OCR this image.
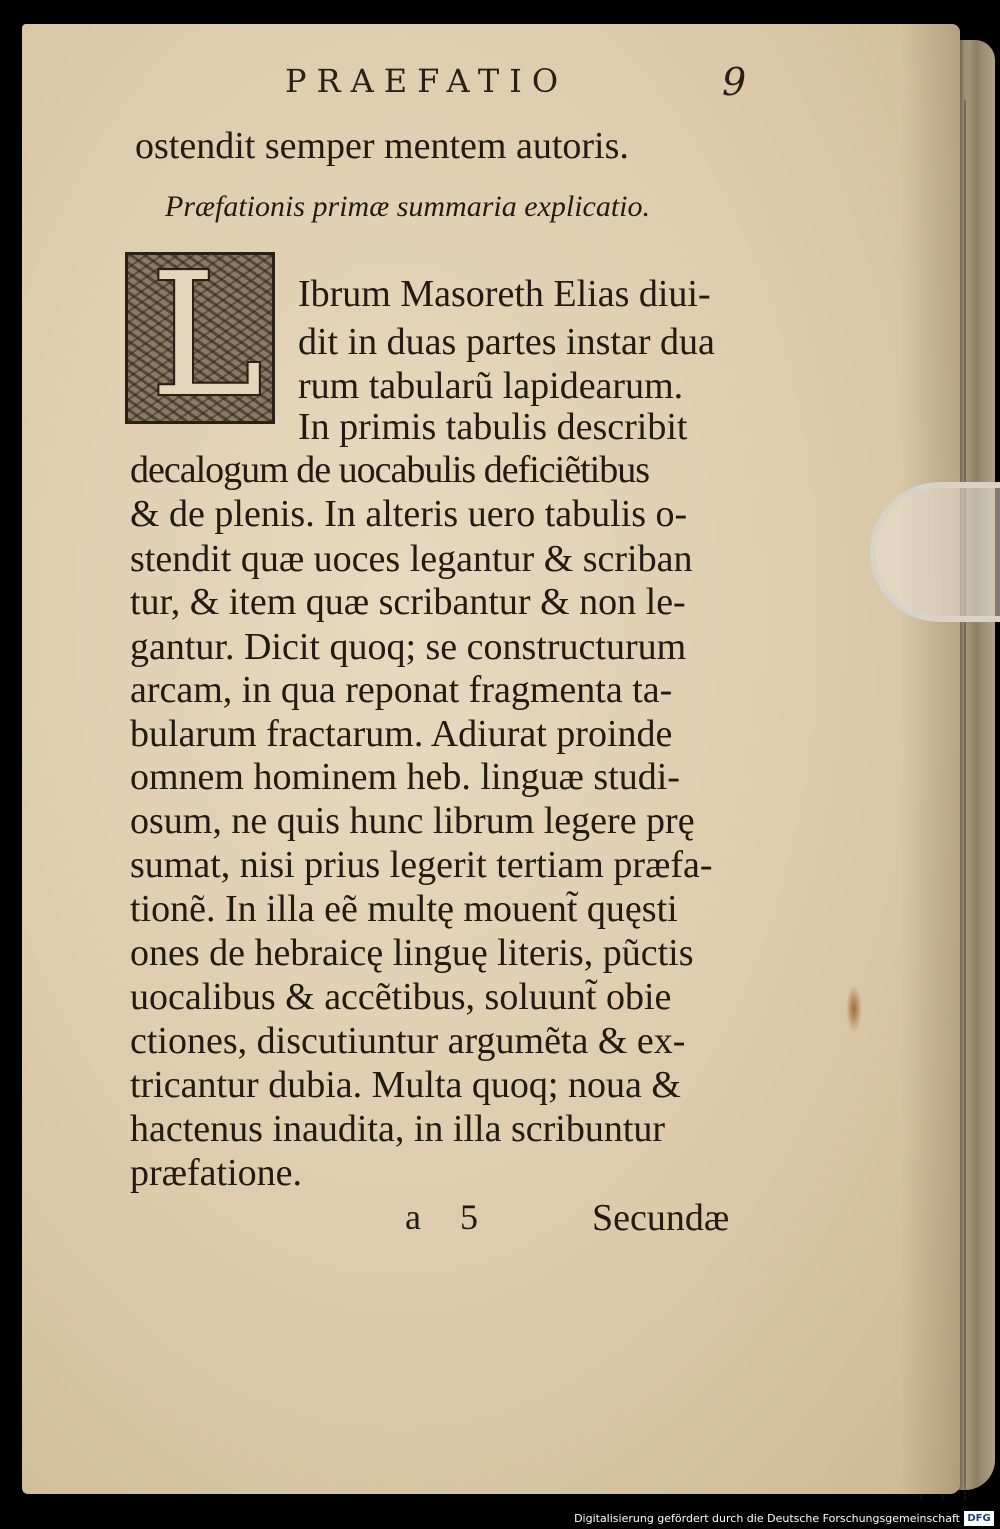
PRAEFATIO	9
ostendit semper mentem autoris.
Præfationis primæ summaria explicatio.
L Ibrum Masoreth Elias diui-
dit in duas partes instar dua
rum tabularũ lapidearum.
In primis tabulis describit
decalogum de uocabulis deficiẽtibus
& de plenis. In alteris uero tabulis o-
stendit quæ uoces legantur & scriban
tur, & item quæ scribantur & non le-
gantur. Dicit quoq; se constructurum
arcam, in qua reponat fragmenta ta-
bularum fractarum. Adiurat proinde
omnem hominem heb. linguæ studi-
osum, ne quis hunc librum legere prę
sumat, nisi prius legerit tertiam præfa-
tionẽ. In illa eẽ multę mouent̃ quęsti
ones de hebraicę linguę literis, pũctis
uocalibus & accẽtibus, soluunt̃ obie
ctiones, discutiuntur argumẽta & ex-
tricantur dubia. Multa quoq; noua &
hactenus inaudita, in illa scribuntur
præfatione.
a 5	Secundæ
Digitalisierung gefördert durch die Deutsche Forschungsgemeinschaft DFG
